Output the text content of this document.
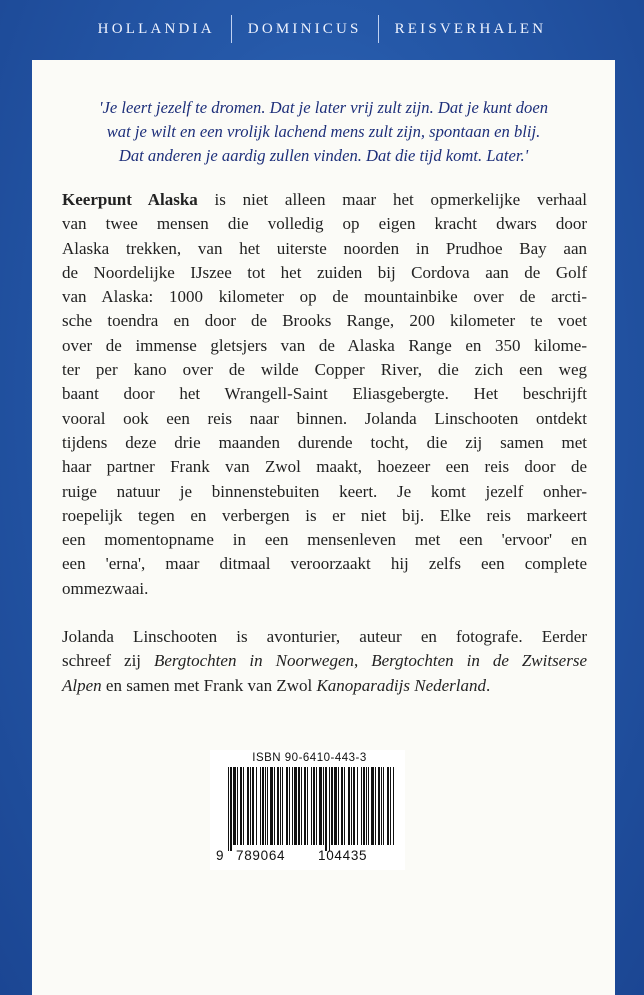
HOLLANDIA	DOMINICUS	REISVERHALEN
'Je leert jezelf te dromen. Dat je later vrij zult zijn. Dat je kunt doen
wat je wilt en een vrolijk lachend mens zult zijn, spontaan en blij.
Dat anderen je aardig zullen vinden. Dat die tijd komt. Later.'
Keerpunt Alaska is niet alleen maar het opmerkelijke verhaal
van twee mensen die volledig op eigen kracht dwars door
Alaska trekken, van het uiterste noorden in Prudhoe Bay aan
de Noordelijke IJszee tot het zuiden bij Cordova aan de Golf
van Alaska: 1000 kilometer op de mountainbike over de arcti-
sche toendra en door de Brooks Range, 200 kilometer te voet
over de immense gletsjers van de Alaska Range en 350 kilome-
ter per kano over de wilde Copper River, die zich een weg
baant door het Wrangell-Saint Eliasgebergte. Het beschrijft
vooral ook een reis naar binnen. Jolanda Linschooten ontdekt
tijdens deze drie maanden durende tocht, die zij samen met
haar partner Frank van Zwol maakt, hoezeer een reis door de
ruige natuur je binnenstebuiten keert. Je komt jezelf onher-
roepelijk tegen en verbergen is er niet bij. Elke reis markeert
een momentopname in een mensenleven met een 'ervoor' en
een 'erna', maar ditmaal veroorzaakt hij zelfs een complete
ommezwaai.
Jolanda Linschooten is avonturier, auteur en fotografe. Eerder
schreef zij Bergtochten in Noorwegen, Bergtochten in de Zwitserse
Alpen en samen met Frank van Zwol Kanoparadijs Nederland.
ISBN 90-6410-443-3
9 789064 104435
